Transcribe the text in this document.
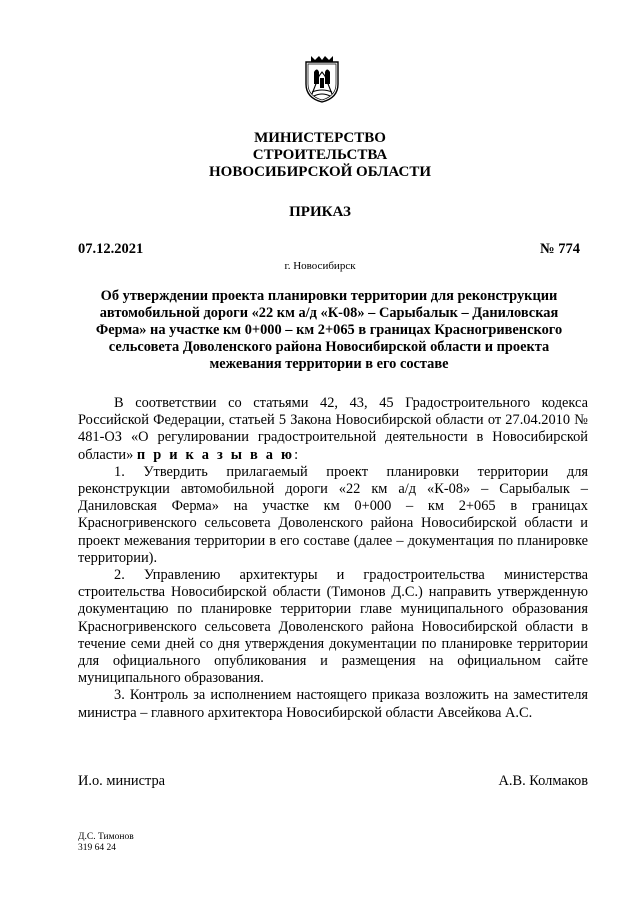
МИНИСТЕРСТВО
СТРОИТЕЛЬСТВА
НОВОСИБИРСКОЙ ОБЛАСТИ
ПРИКАЗ
07.12.2021	№ 774
г. Новосибирск
Об утверждении проекта планировки территории для реконструкции
автомобильной дороги «22 км а/д «К-08» – Сарыбалык – Даниловская
Ферма» на участке км 0+000 – км 2+065 в границах Красногривенского
сельсовета Доволенского района Новосибирской области и проекта
межевания территории в его составе

В соответствии со статьями 42, 43, 45 Градостроительного кодекса Российской Федерации, статьей 5 Закона Новосибирской области от 27.04.2010 № 481-ОЗ «О регулировании градостроительной деятельности в Новосибирской области» п р и к а з ы в а ю:

1. Утвердить прилагаемый проект планировки территории для реконструкции автомобильной дороги «22 км а/д «К-08» – Сарыбалык – Даниловская Ферма» на участке км 0+000 – км 2+065 в границах Красногривенского сельсовета Доволенского района Новосибирской области и проект межевания территории в его составе (далее – документация по планировке территории).

2. Управлению архитектуры и градостроительства министерства строительства Новосибирской области (Тимонов Д.С.) направить утвержденную документацию по планировке территории главе муниципального образования Красногривенского сельсовета Доволенского района Новосибирской области в течение семи дней со дня утверждения документации по планировке территории для официального опубликования и размещения на официальном сайте муниципального образования.

3. Контроль за исполнением настоящего приказа возложить на заместителя министра – главного архитектора Новосибирской области Авсейкова А.С.

И.о. министра	А.В. Колмаков
Д.С. Тимонов
319 64 24
